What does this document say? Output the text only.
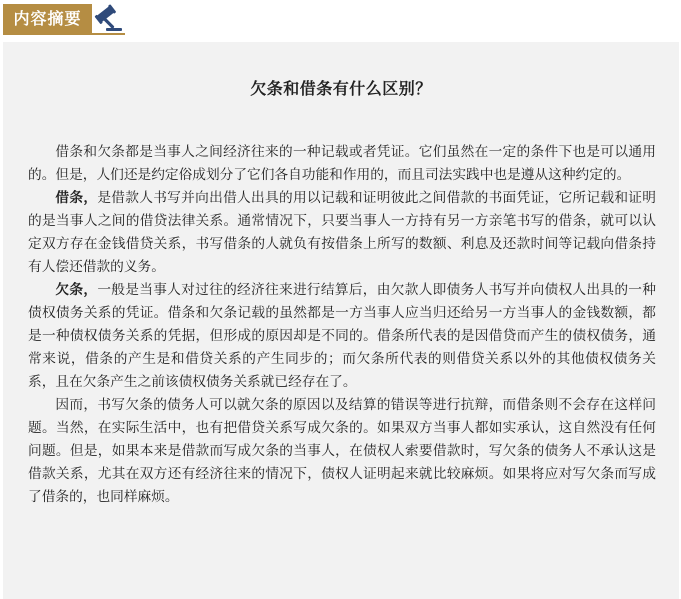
内容摘要
欠条和借条有什么区别？

借条和欠条都是当事人之间经济往来的一种记载或者凭证。它们虽然在一定的条件下也是可以通用的。但是，人们还是约定俗成划分了它们各自功能和作用的，而且司法实践中也是遵从这种约定的。

借条，是借款人书写并向出借人出具的用以记载和证明彼此之间借款的书面凭证，它所记载和证明的是当事人之间的借贷法律关系。通常情况下，只要当事人一方持有另一方亲笔书写的借条，就可以认定双方存在金钱借贷关系，书写借条的人就负有按借条上所写的数额、利息及还款时间等记载向借条持有人偿还借款的义务。

欠条，一般是当事人对过往的经济往来进行结算后，由欠款人即债务人书写并向债权人出具的一种债权债务关系的凭证。借条和欠条记载的虽然都是一方当事人应当归还给另一方当事人的金钱数额，都是一种债权债务关系的凭据，但形成的原因却是不同的。借条所代表的是因借贷而产生的债权债务，通常来说，借条的产生是和借贷关系的产生同步的；而欠条所代表的则借贷关系以外的其他债权债务关系，且在欠条产生之前该债权债务关系就已经存在了。

因而，书写欠条的债务人可以就欠条的原因以及结算的错误等进行抗辩，而借条则不会存在这样问题。当然，在实际生活中，也有把借贷关系写成欠条的。如果双方当事人都如实承认，这自然没有任何问题。但是，如果本来是借款而写成欠条的当事人，在债权人索要借款时，写欠条的债务人不承认这是借款关系，尤其在双方还有经济往来的情况下，债权人证明起来就比较麻烦。如果将应对写欠条而写成了借条的，也同样麻烦。
